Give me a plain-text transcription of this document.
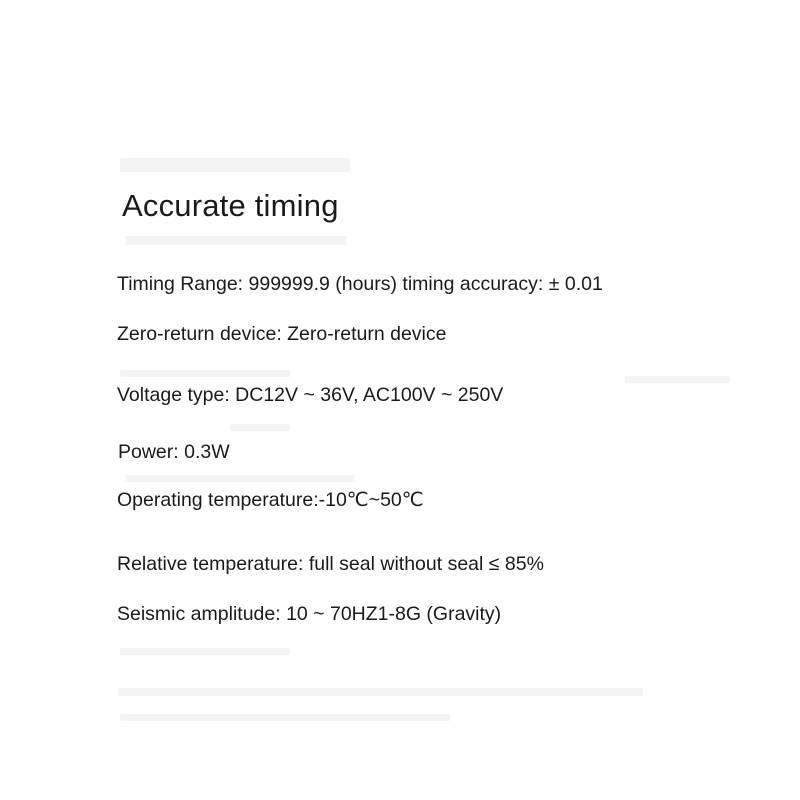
Accurate timing

Timing Range: 999999.9 (hours) timing accuracy: ± 0.01

Zero-return device: Zero-return device

Voltage type: DC12V ~ 36V, AC100V ~ 250V

Power: 0.3W

Operating temperature:-10℃~50℃

Relative temperature: full seal without seal ≤ 85%

Seismic amplitude: 10 ~ 70HZ1-8G (Gravity)
